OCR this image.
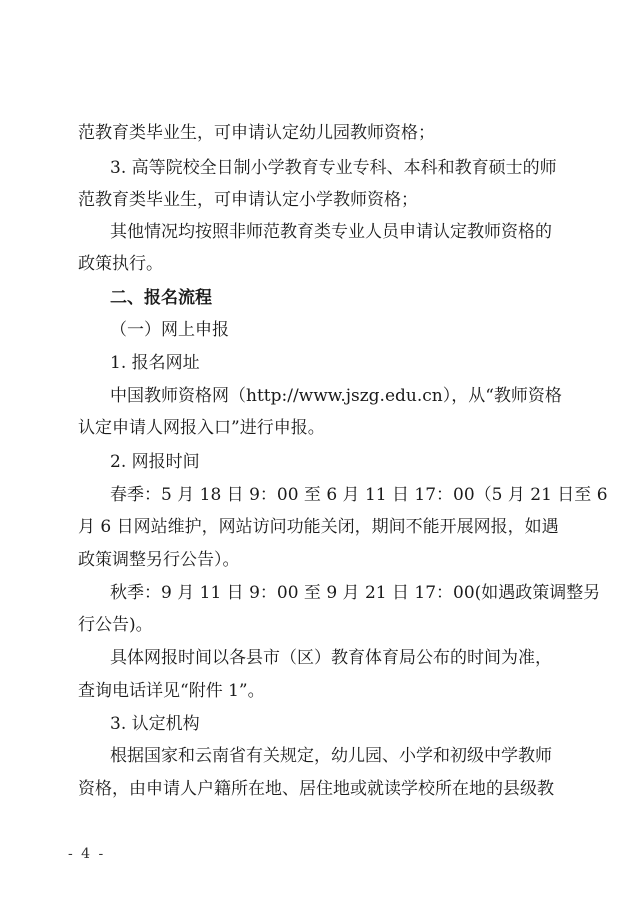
范教育类毕业生，可申请认定幼儿园教师资格；
3. 高等院校全日制小学教育专业专科、本科和教育硕士的师
范教育类毕业生，可申请认定小学教师资格；
其他情况均按照非师范教育类专业人员申请认定教师资格的
政策执行。
二、报名流程
（一）网上申报
1. 报名网址
中国教师资格网（http://www.jszg.edu.cn），从“教师资格
认定申请人网报入口”进行申报。
2. 网报时间
春季：5 月 18 日 9：00 至 6 月 11 日 17：00（5 月 21 日至 6
月 6 日网站维护，网站访问功能关闭，期间不能开展网报，如遇
政策调整另行公告）。
秋季：9 月 11 日 9：00 至 9 月 21 日 17：00(如遇政策调整另
行公告)。
具体网报时间以各县市（区）教育体育局公布的时间为准，
查询电话详见“附件 1”。
3. 认定机构
根据国家和云南省有关规定，幼儿园、小学和初级中学教师
资格，由申请人户籍所在地、居住地或就读学校所在地的县级教
- 4 -
